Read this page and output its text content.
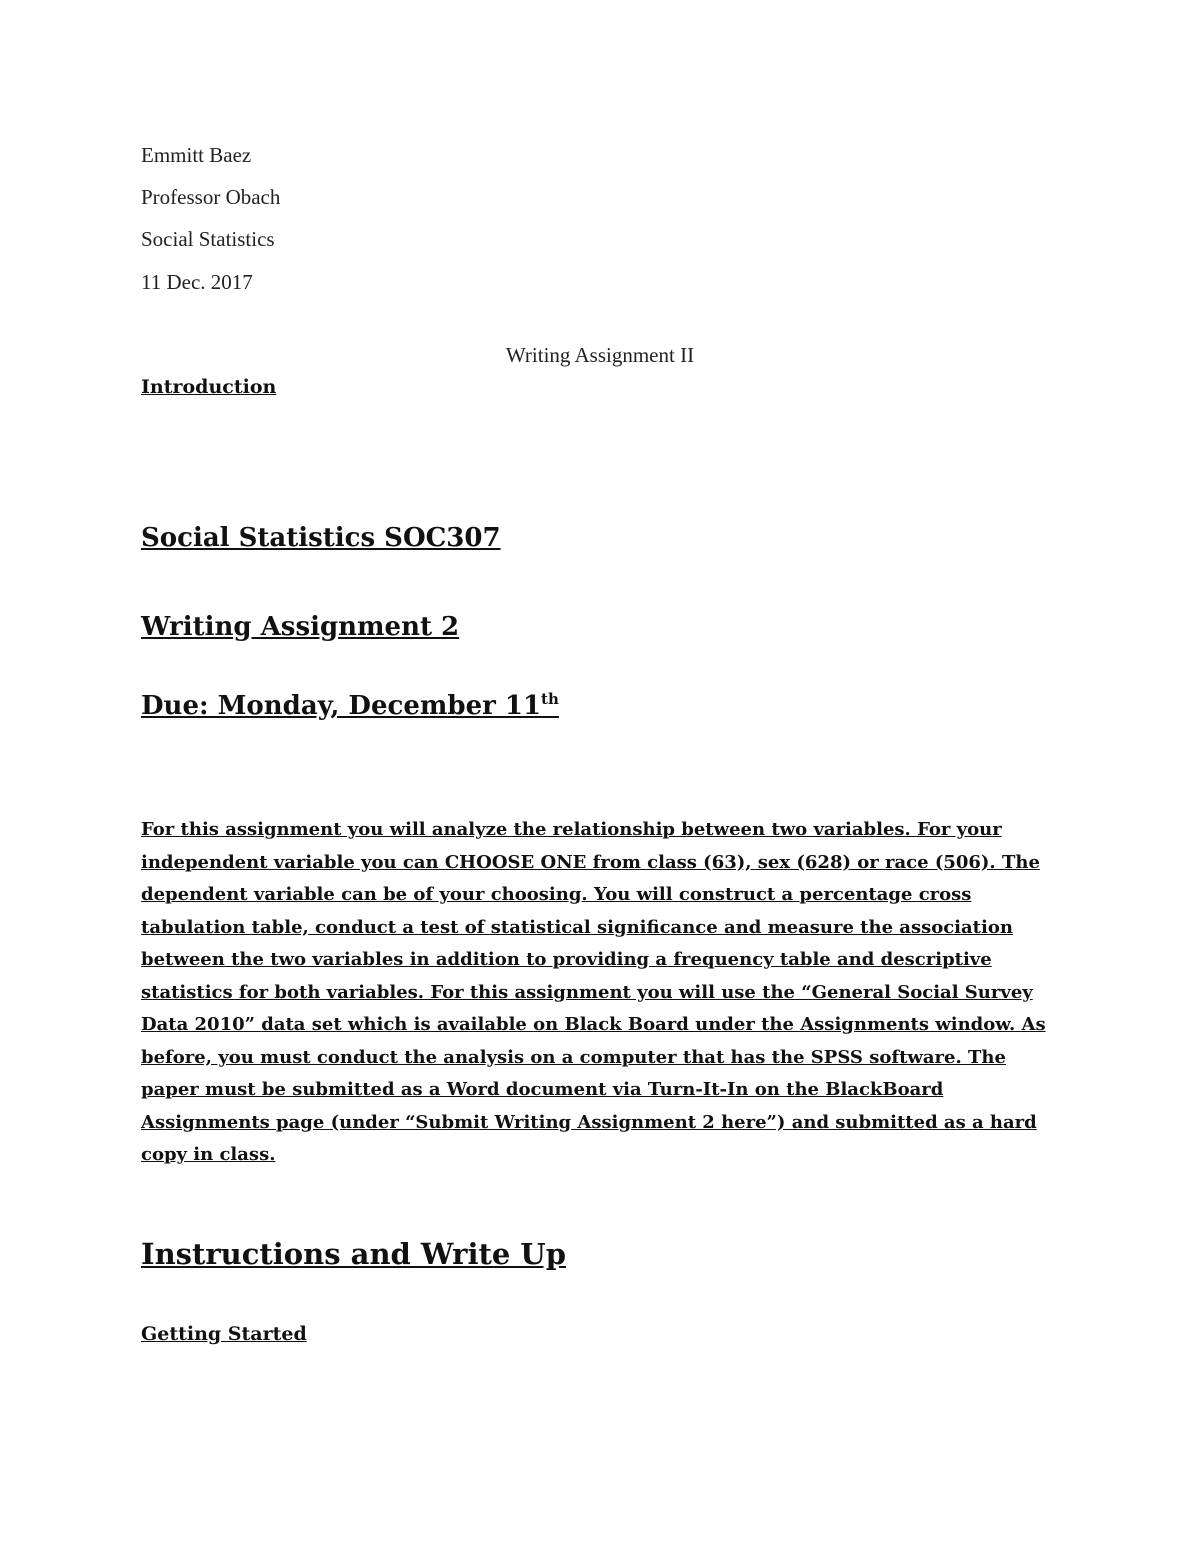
Emmitt Baez
Professor Obach
Social Statistics
11 Dec. 2017
Writing Assignment II
Introduction
Social Statistics SOC307
Writing Assignment 2
Due: Monday, December 11th
For this assignment you will analyze the relationship between two variables. For your
independent variable you can CHOOSE ONE from class (63), sex (628) or race (506). The
dependent variable can be of your choosing. You will construct a percentage cross
tabulation table, conduct a test of statistical significance and measure the association
between the two variables in addition to providing a frequency table and descriptive
statistics for both variables. For this assignment you will use the “General Social Survey
Data 2010” data set which is available on Black Board under the Assignments window. As
before, you must conduct the analysis on a computer that has the SPSS software. The
paper must be submitted as a Word document via Turn-It-In on the BlackBoard
Assignments page (under “Submit Writing Assignment 2 here”) and submitted as a hard
copy in class.
Instructions and Write Up
Getting Started
